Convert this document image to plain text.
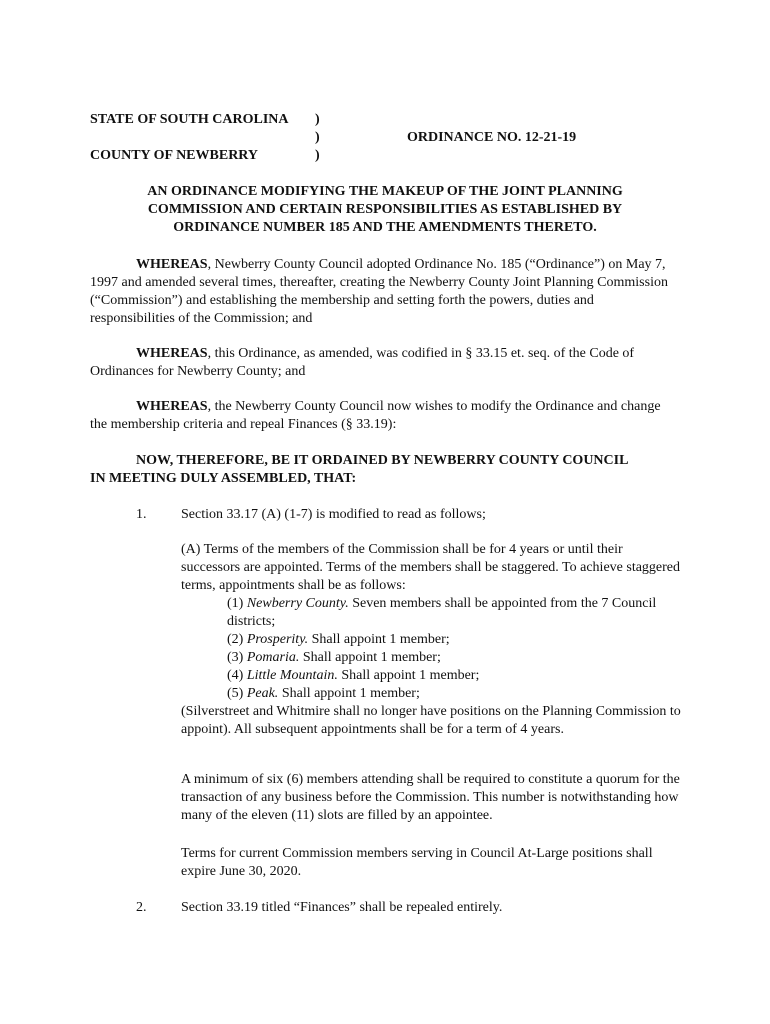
STATE OF SOUTH CAROLINA )
)	ORDINANCE NO. 12-21-19
COUNTY OF NEWBERRY	)
AN ORDINANCE MODIFYING THE MAKEUP OF THE JOINT PLANNING
COMMISSION AND CERTAIN RESPONSIBILITIES AS ESTABLISHED BY
ORDINANCE NUMBER 185 AND THE AMENDMENTS THERETO.
WHEREAS, Newberry County Council adopted Ordinance No. 185 (“Ordinance”) on May 7, 1997 and amended several times, thereafter, creating the Newberry County Joint Planning Commission (“Commission”) and establishing the membership and setting forth the powers, duties and responsibilities of the Commission; and
WHEREAS, this Ordinance, as amended, was codified in § 33.15 et. seq. of the Code of Ordinances for Newberry County; and
WHEREAS, the Newberry County Council now wishes to modify the Ordinance and change the membership criteria and repeal Finances (§ 33.19):
NOW, THEREFORE, BE IT ORDAINED BY NEWBERRY COUNTY COUNCIL
IN MEETING DULY ASSEMBLED, THAT:
1. Section 33.17 (A) (1-7) is modified to read as follows;
(A) Terms of the members of the Commission shall be for 4 years or until their successors are appointed. Terms of the members shall be staggered. To achieve staggered terms, appointments shall be as follows:
(1) Newberry County. Seven members shall be appointed from the 7 Council districts;
(2) Prosperity. Shall appoint 1 member;
(3) Pomaria. Shall appoint 1 member;
(4) Little Mountain. Shall appoint 1 member;
(5) Peak. Shall appoint 1 member;
(Silverstreet and Whitmire shall no longer have positions on the Planning Commission to appoint). All subsequent appointments shall be for a term of 4 years.
A minimum of six (6) members attending shall be required to constitute a quorum for the transaction of any business before the Commission. This number is notwithstanding how many of the eleven (11) slots are filled by an appointee.
Terms for current Commission members serving in Council At-Large positions shall expire June 30, 2020.
2. Section 33.19 titled “Finances” shall be repealed entirely.
